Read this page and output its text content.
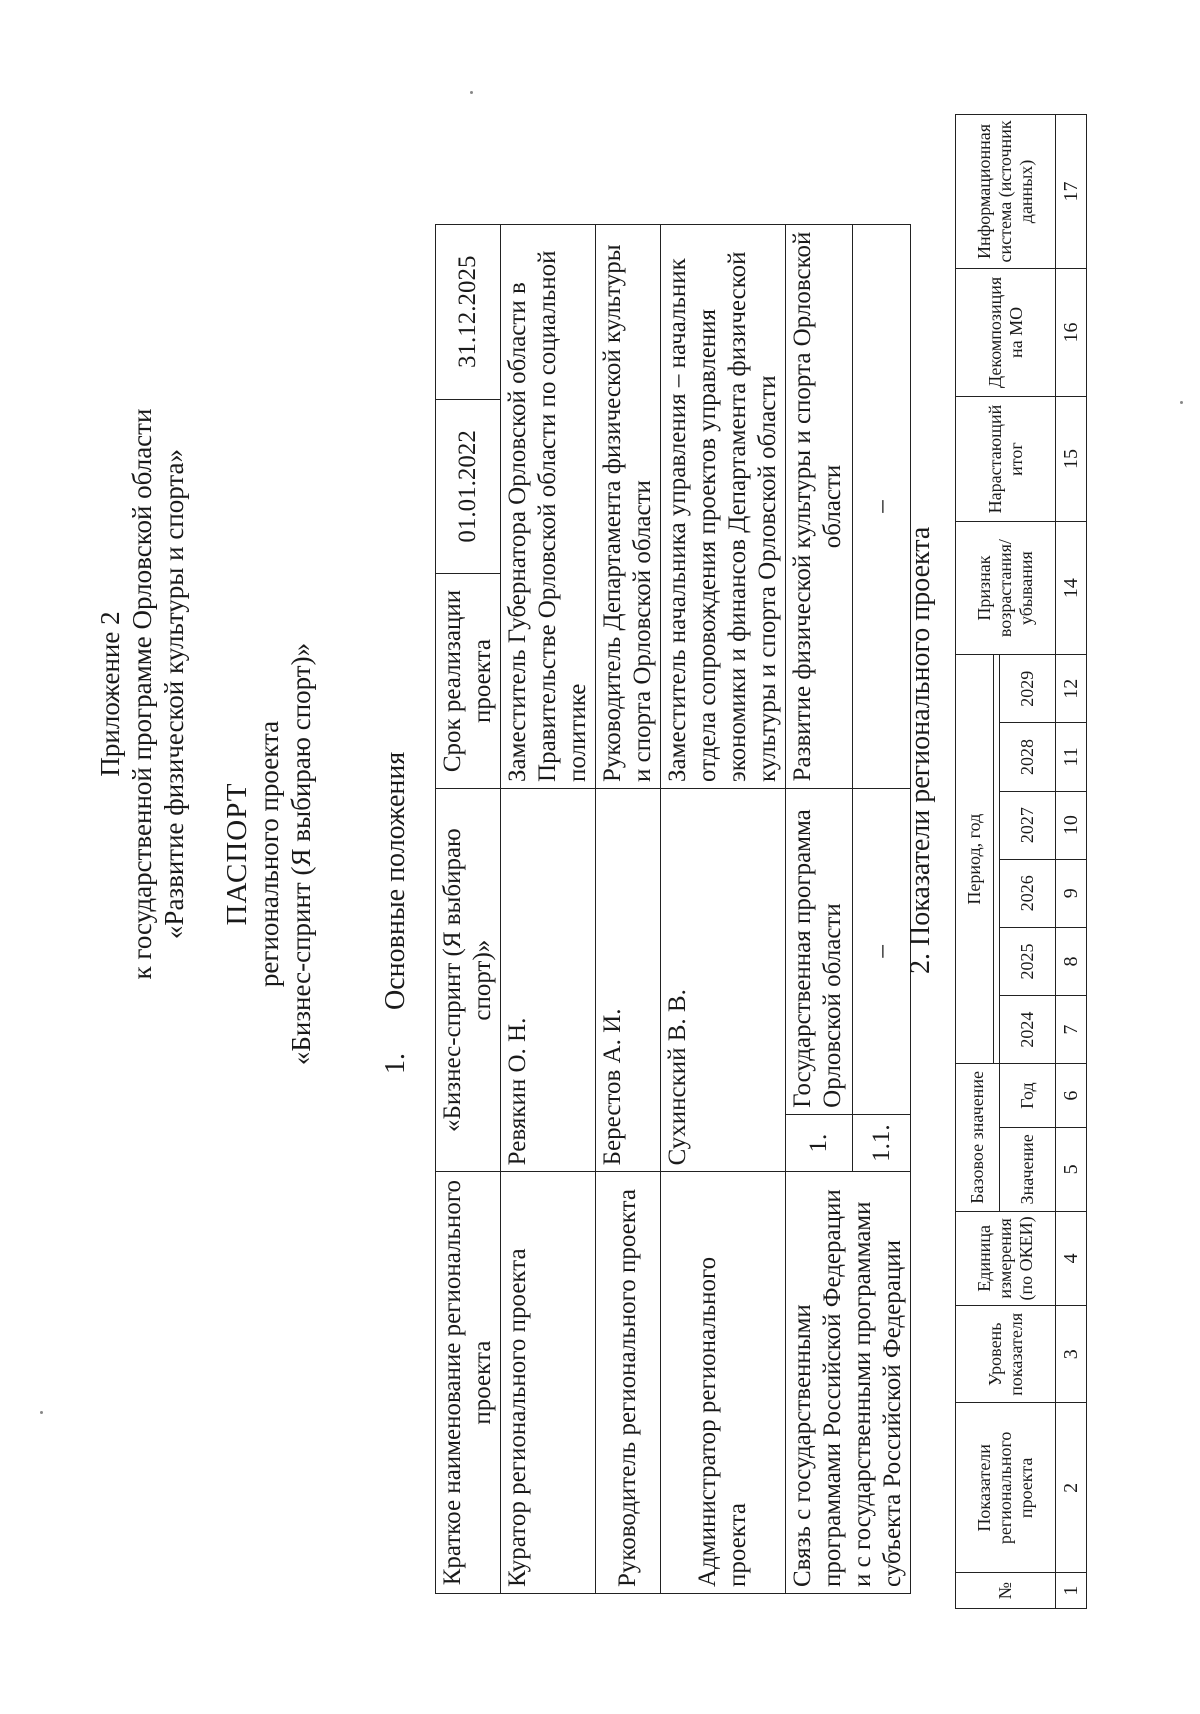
Приложение 2 к государственной программе Орловской области «Развитие физической культуры и спорта» ПАСПОРТ регионального проекта «Бизнес-спринт (Я выбираю спорт)» 1.Основные положения
Краткое наименование регионального проекта	«Бизнес-спринт (Я выбираю спорт)»		Срок реализации проекта	01.01.2022	31.12.2025
Куратор регионального проекта	Ревякин О. Н.		Заместитель Губернатора Орловской области в Правительстве Орловской области по социальной политике		
Руководитель регионального проекта	Берестов А. И.		Руководитель Департамента физической культуры и спорта Орловской области		
Администратор регионального проекта	Сухинский В. В.		Заместитель начальника управления – начальник отдела сопровождения проектов управления экономики и финансов Департамента физической культуры и спорта Орловской области		
Связь с государственными программами Российской Федерации и с государственными программами субъекта Российской Федерации	1.	Государственная программа Орловской области	Развитие физической культуры и спорта Орловской области		
	1.1.	–	–		
2. Показатели регионального проекта
№	Показатели регионального проекта	Уровень показателя	Единица измерения (по ОКЕИ)	Базовое значение		Период, год						Признак возрастания/ убывания	Нарастающий итог	Декомпозиция на МО	Информационная система (источник данных)

				Значение	Год	2024	2025	2026	2027	2028	2029				
1	2	3	4	5	6	7	8	9	10	11	12	14	15	16	17
